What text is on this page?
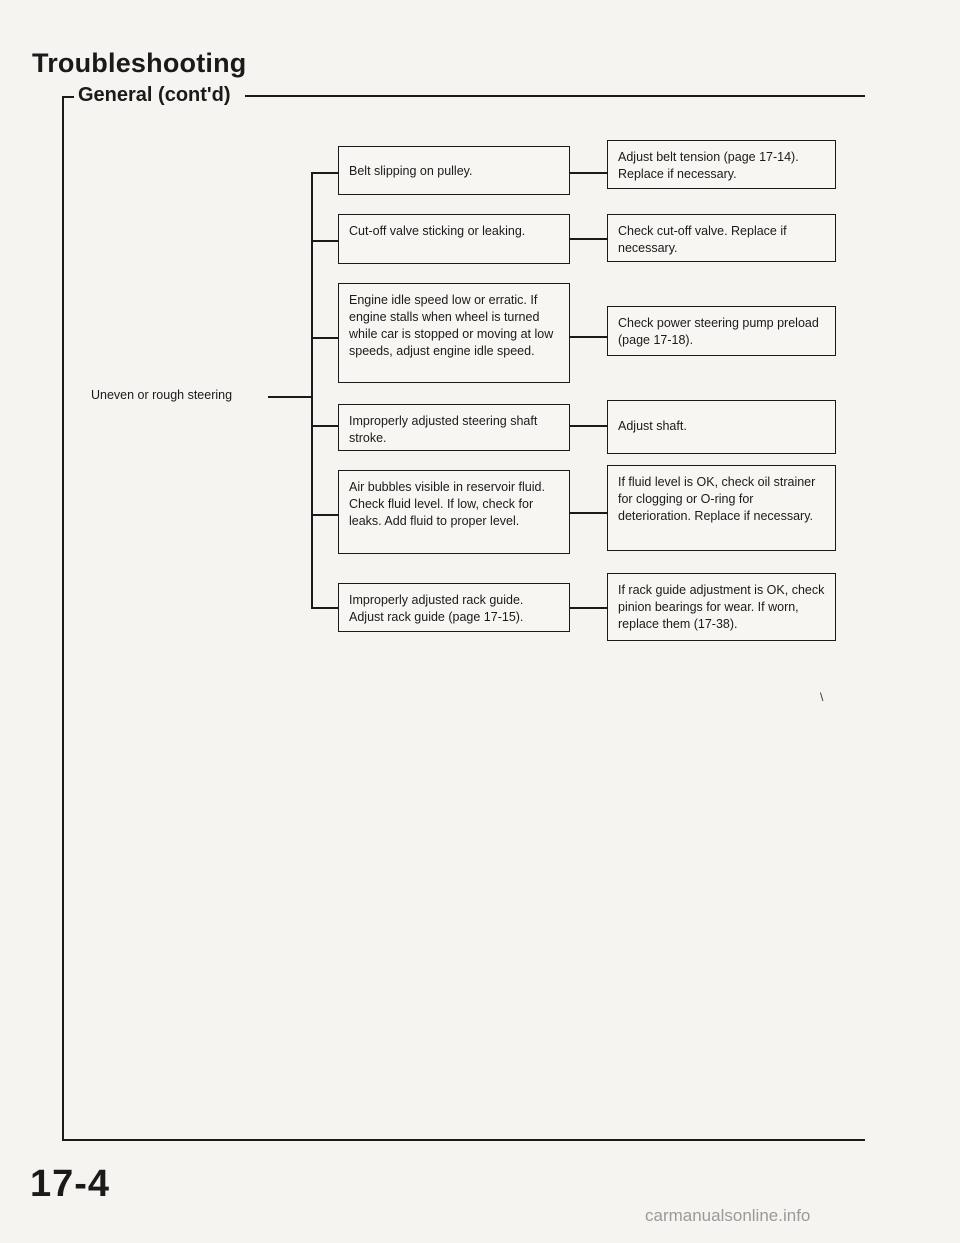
Troubleshooting
General (cont'd)
Uneven or rough steering
Belt slipping on pulley.
Adjust belt tension (page 17-14). Replace if necessary.
Cut-off valve sticking or leaking.	Check cut-off valve. Replace if necessary.
Engine idle speed low or erratic. If engine stalls when wheel is turned while car is stopped or moving at low speeds, adjust engine idle speed.
Check power steering pump preload (page 17-18).
Improperly adjusted steering shaft stroke.
Adjust shaft.
Air bubbles visible in reservoir fluid. Check fluid level. If low, check for leaks. Add fluid to proper level.
If fluid level is OK, check oil strainer for clogging or O-ring for deterioration. Replace if necessary.
Improperly adjusted rack guide. Adjust rack guide (page 17-15).
If rack guide adjustment is OK, check pinion bearings for wear. If worn, replace them (17-38).
\
17-4
carmanualsonline.info
